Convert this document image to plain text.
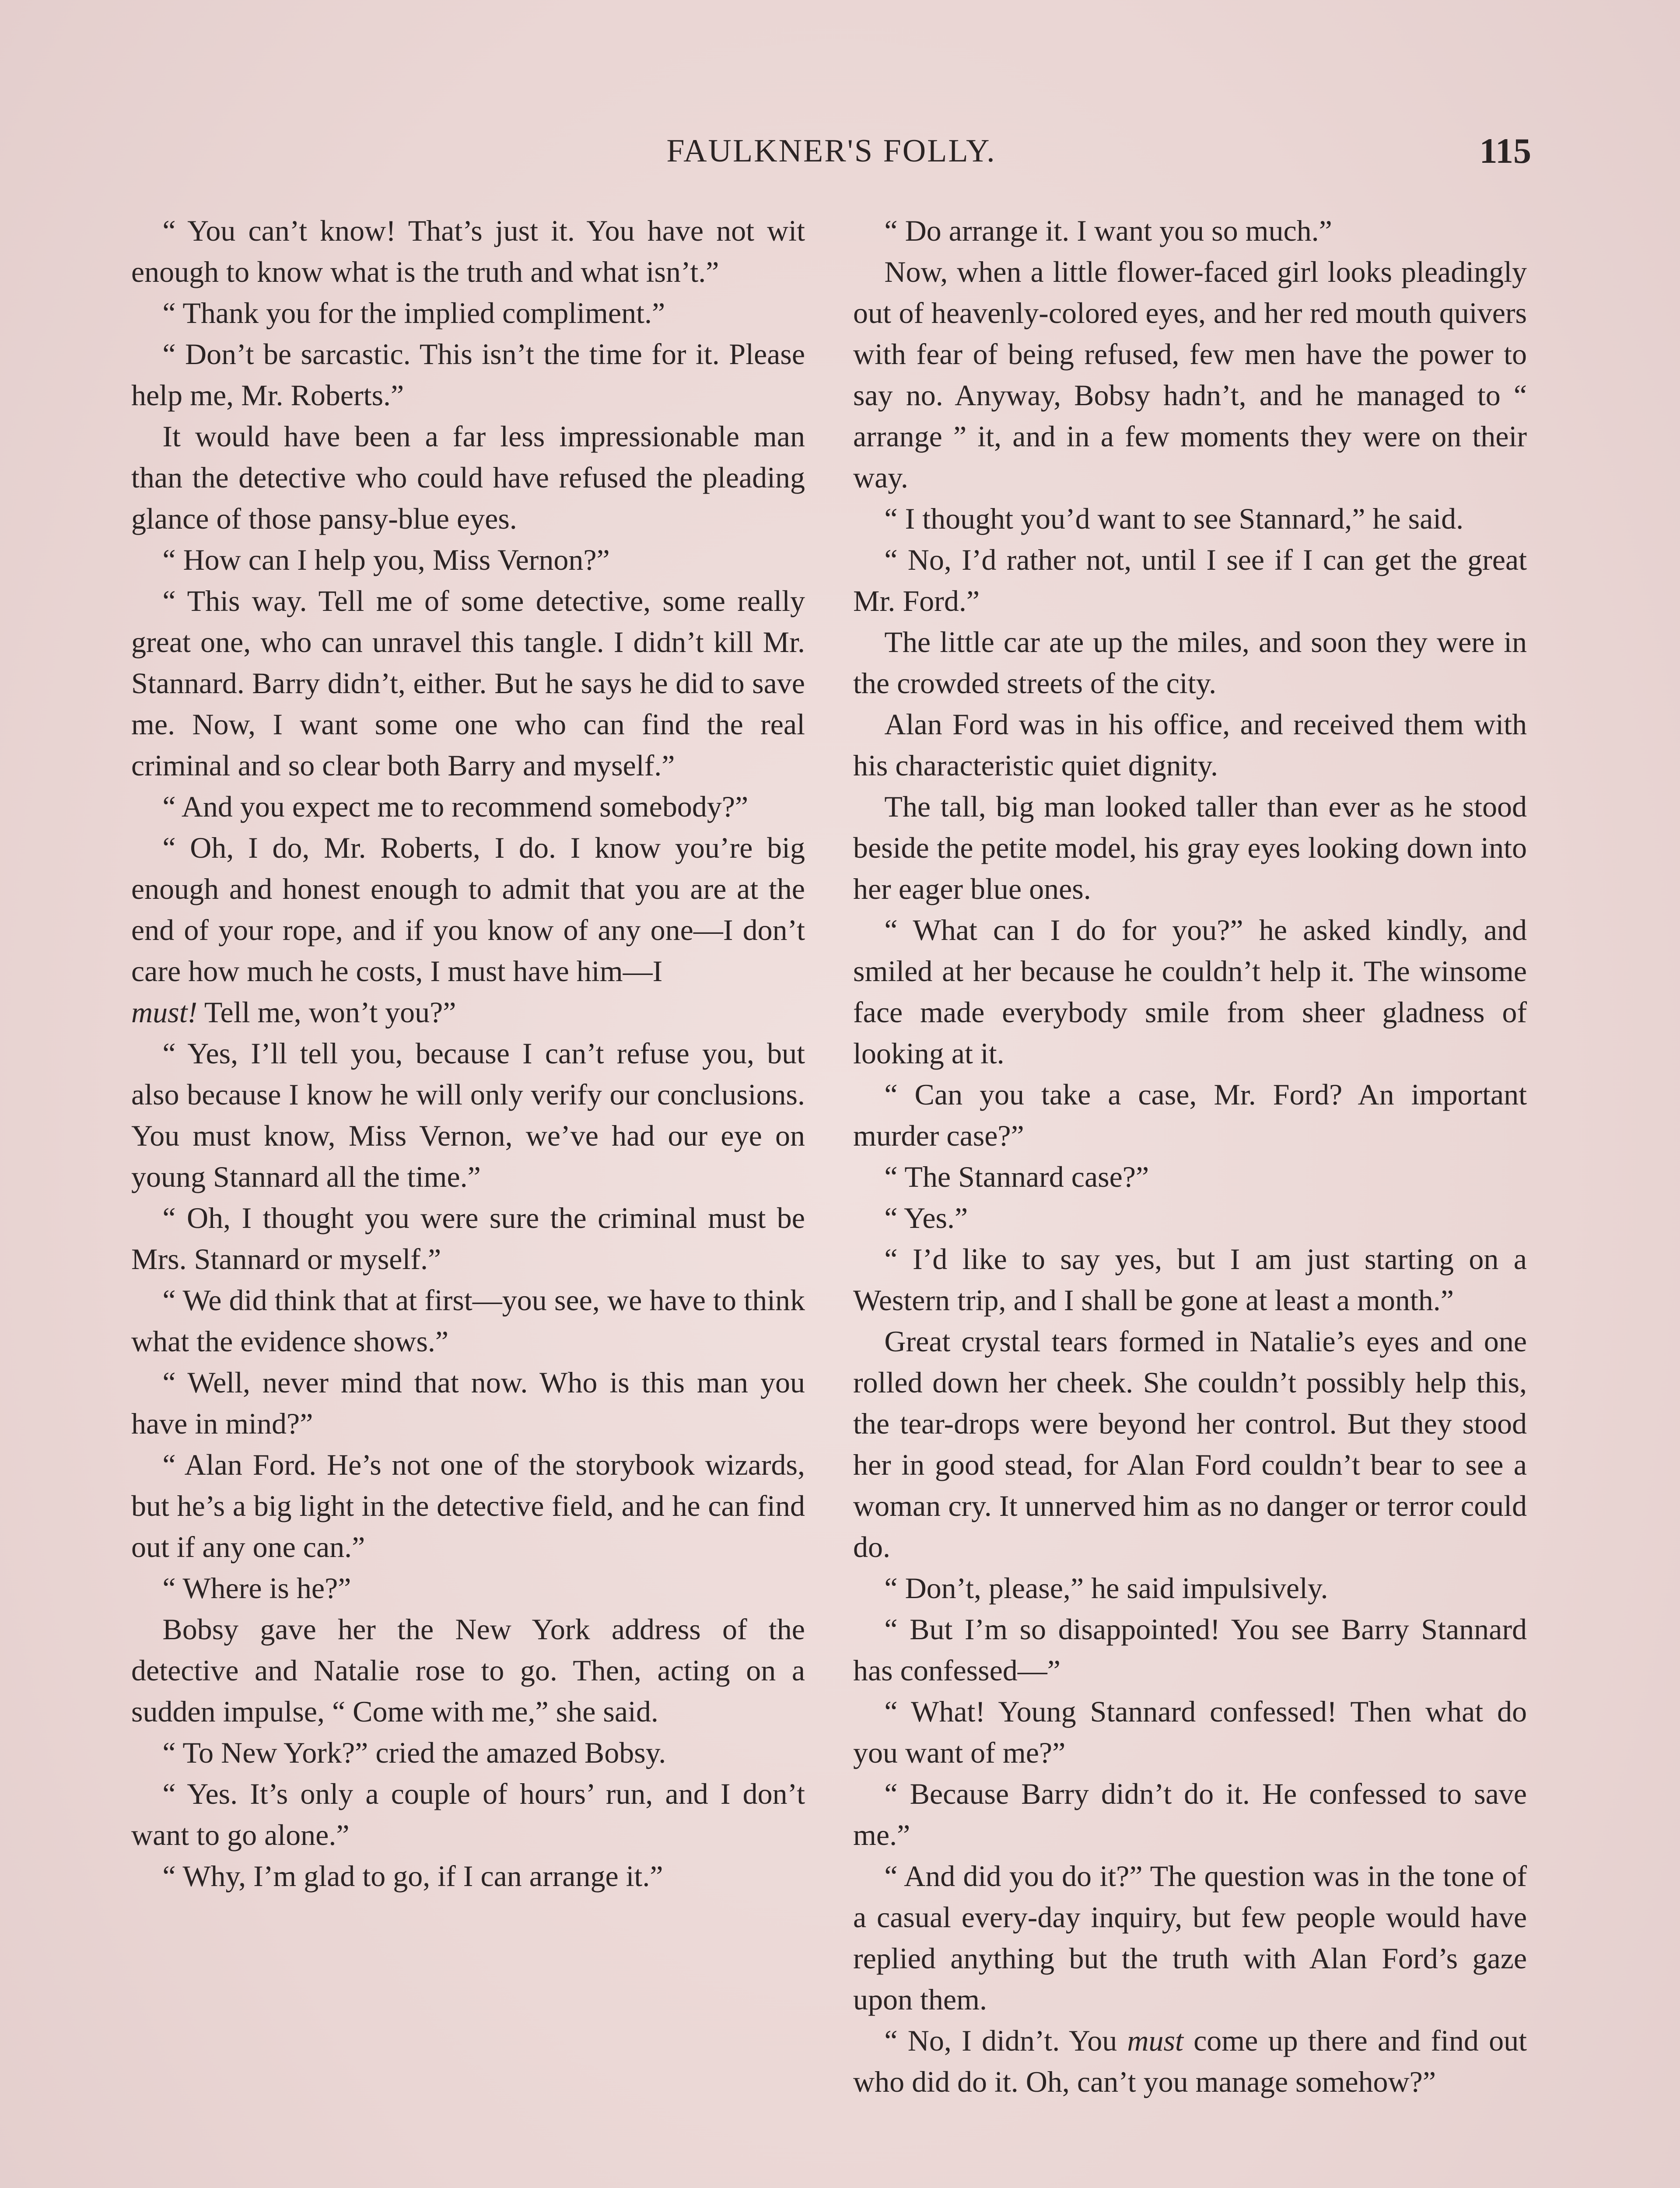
FAULKNER'S FOLLY.	115

“ You can’t know! That’s just it. You have not wit enough to know what is the truth and what isn’t.”

“ Thank you for the implied compliment.”

“ Don’t be sarcastic. This isn’t the time for it. Please help me, Mr. Roberts.”

It would have been a far less impressionable man than the detective who could have refused the pleading glance of those pansy-blue eyes.

“ How can I help you, Miss Vernon?”

“ This way. Tell me of some detective, some really great one, who can unravel this tangle. I didn’t kill Mr. Stannard. Barry didn’t, either. But he says he did to save me. Now, I want some one who can find the real criminal and so clear both Barry and myself.”

“ And you expect me to recommend somebody?”

“ Oh, I do, Mr. Roberts, I do. I know you’re big enough and honest enough to admit that you are at the end of your rope, and if you know of any one—I don’t care how much he costs, I must have him—I

must! Tell me, won’t you?”

“ Yes, I’ll tell you, because I can’t refuse you, but also because I know he will only verify our conclusions. You must know, Miss Vernon, we’ve had our eye on young Stannard all the time.”

“ Oh, I thought you were sure the criminal must be Mrs. Stannard or myself.”

“ We did think that at first—you see, we have to think what the evidence shows.”

“ Well, never mind that now. Who is this man you have in mind?”

“ Alan Ford. He’s not one of the storybook wizards, but he’s a big light in the detective field, and he can find out if any one can.”

“ Where is he?”

Bobsy gave her the New York address of the detective and Natalie rose to go. Then, acting on a sudden impulse, “ Come with me,” she said.

“ To New York?” cried the amazed Bobsy.

“ Yes. It’s only a couple of hours’ run, and I don’t want to go alone.”

“ Why, I’m glad to go, if I can arrange it.”

“ Do arrange it. I want you so much.”

Now, when a little flower-faced girl looks pleadingly out of heavenly-colored eyes, and her red mouth quivers with fear of being refused, few men have the power to say no. Anyway, Bobsy hadn’t, and he managed to “ arrange ” it, and in a few moments they were on their way.

“ I thought you’d want to see Stannard,” he said.

“ No, I’d rather not, until I see if I can get the great Mr. Ford.”

The little car ate up the miles, and soon they were in the crowded streets of the city.

Alan Ford was in his office, and received them with his characteristic quiet dignity.

The tall, big man looked taller than ever as he stood beside the petite model, his gray eyes looking down into her eager blue ones.

“ What can I do for you?” he asked kindly, and smiled at her because he couldn’t help it. The winsome face made everybody smile from sheer gladness of looking at it.

“ Can you take a case, Mr. Ford? An important murder case?”

“ The Stannard case?”

“ Yes.”

“ I’d like to say yes, but I am just starting on a Western trip, and I shall be gone at least a month.”

Great crystal tears formed in Natalie’s eyes and one rolled down her cheek. She couldn’t possibly help this, the tear-drops were beyond her control. But they stood her in good stead, for Alan Ford couldn’t bear to see a woman cry. It unnerved him as no danger or terror could do.

“ Don’t, please,” he said impulsively.

“ But I’m so disappointed! You see Barry Stannard has confessed—”

“ What! Young Stannard confessed! Then what do you want of me?”

“ Because Barry didn’t do it. He confessed to save me.”

“ And did you do it?” The question was in the tone of a casual every-day inquiry, but few people would have replied anything but the truth with Alan Ford’s gaze upon them.

“ No, I didn’t. You must come up there and find out who did do it. Oh, can’t you manage somehow?”
